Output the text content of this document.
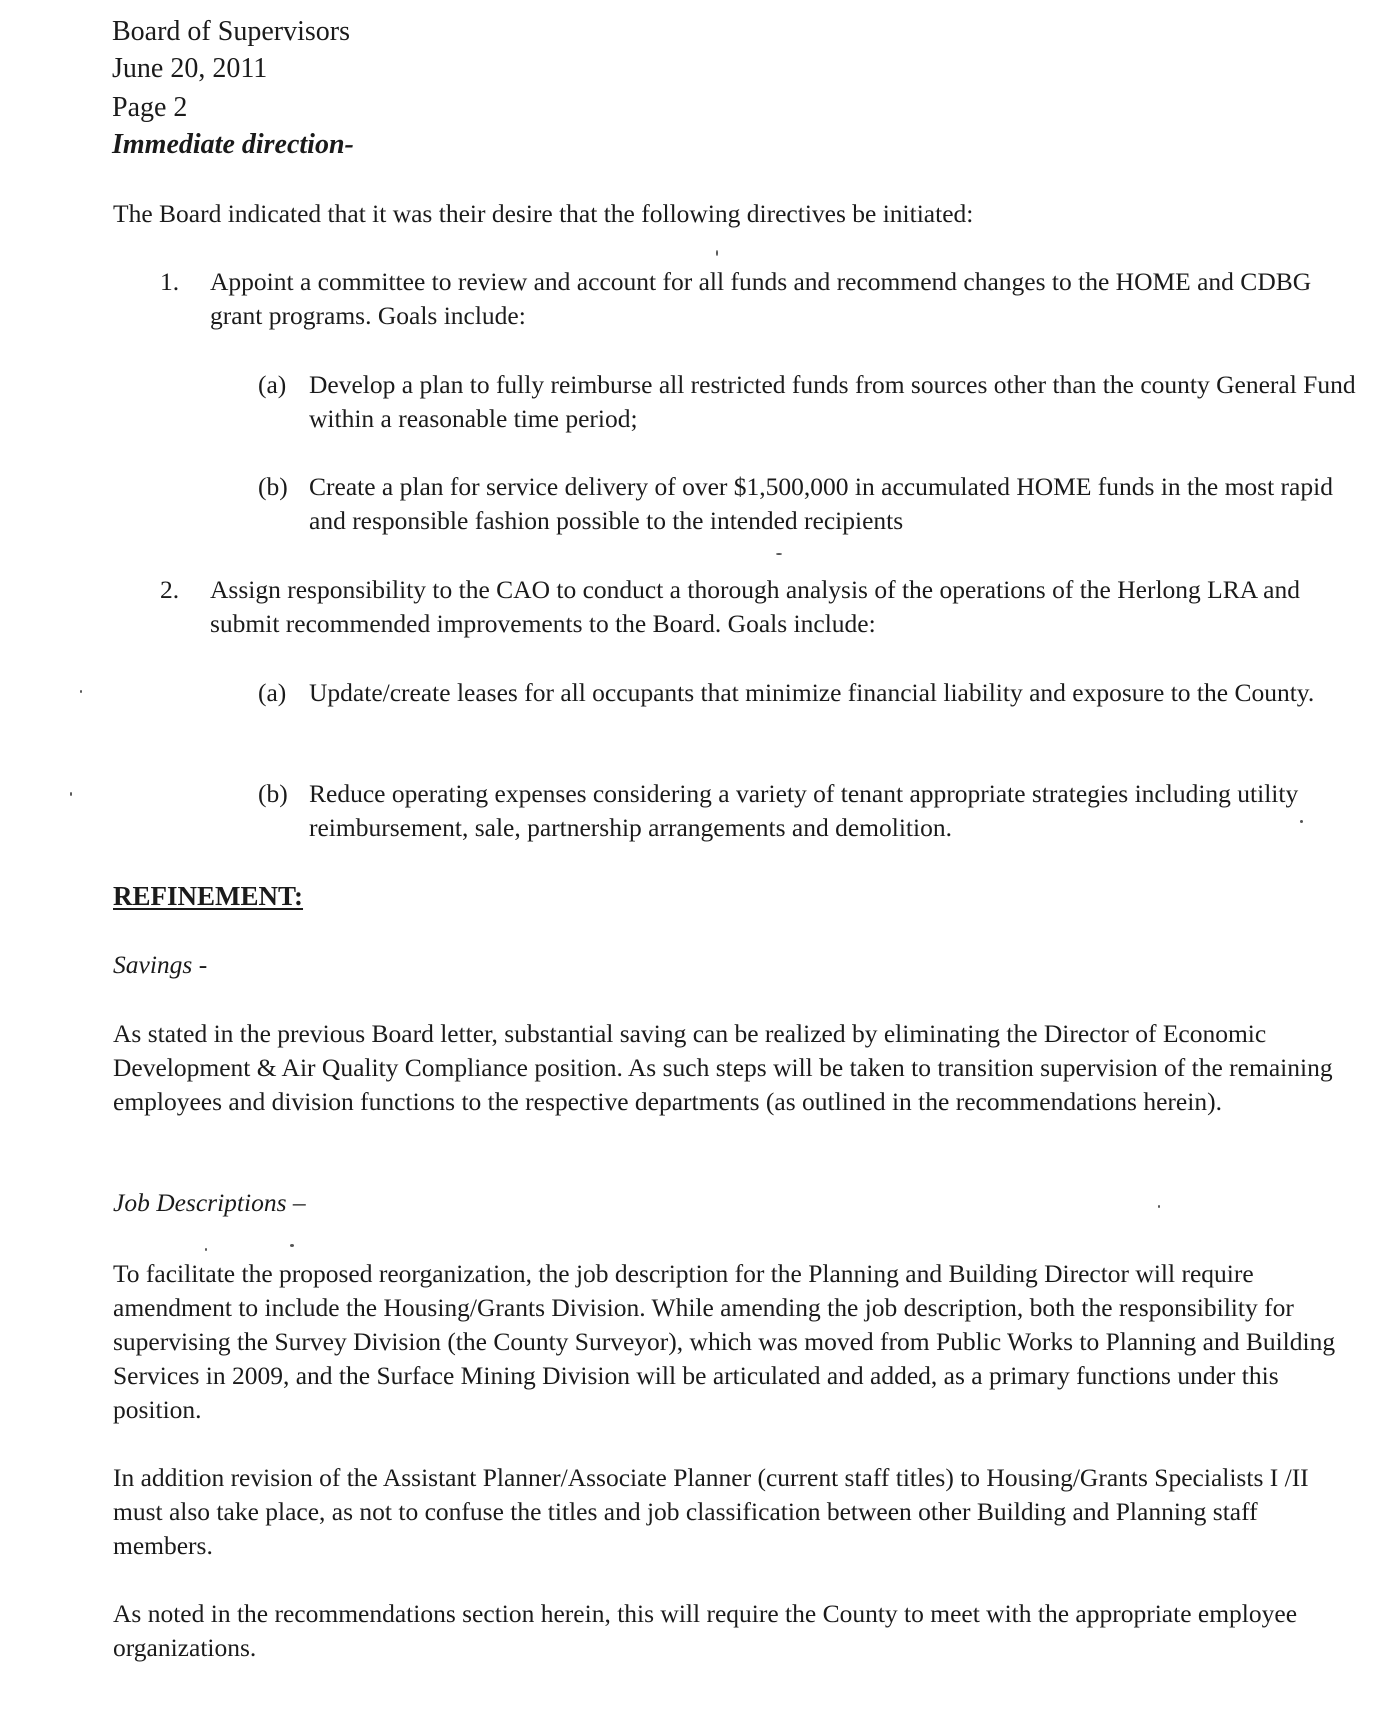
Board of Supervisors
June 20, 2011
Page 2
Immediate direction-

The Board indicated that it was their desire that the following directives be initiated:

1. Appoint a committee to review and account for all funds and recommend changes to the HOME and CDBG grant programs. Goals include:

(a) Develop a plan to fully reimburse all restricted funds from sources other than the county General Fund within a reasonable time period;

(b) Create a plan for service delivery of over $1,500,000 in accumulated HOME funds in the most rapid and responsible fashion possible to the intended recipients

2. Assign responsibility to the CAO to conduct a thorough analysis of the operations of the Herlong LRA and submit recommended improvements to the Board. Goals include:

(a) Update/create leases for all occupants that minimize financial liability and exposure to the County.

(b) Reduce operating expenses considering a variety of tenant appropriate strategies including utility reimbursement, sale, partnership arrangements and demolition.

REFINEMENT:
Savings -

As stated in the previous Board letter, substantial saving can be realized by eliminating the Director of Economic Development & Air Quality Compliance position. As such steps will be taken to transition supervision of the remaining employees and division functions to the respective departments (as outlined in the recommendations herein).

Job Descriptions –

To facilitate the proposed reorganization, the job description for the Planning and Building Director will require amendment to include the Housing/Grants Division. While amending the job description, both the responsibility for supervising the Survey Division (the County Surveyor), which was moved from Public Works to Planning and Building Services in 2009, and the Surface Mining Division will be articulated and added, as a primary functions under this position.

In addition revision of the Assistant Planner/Associate Planner (current staff titles) to Housing/Grants Specialists I /II must also take place, as not to confuse the titles and job classification between other Building and Planning staff members.

As noted in the recommendations section herein, this will require the County to meet with the appropriate employee organizations.
